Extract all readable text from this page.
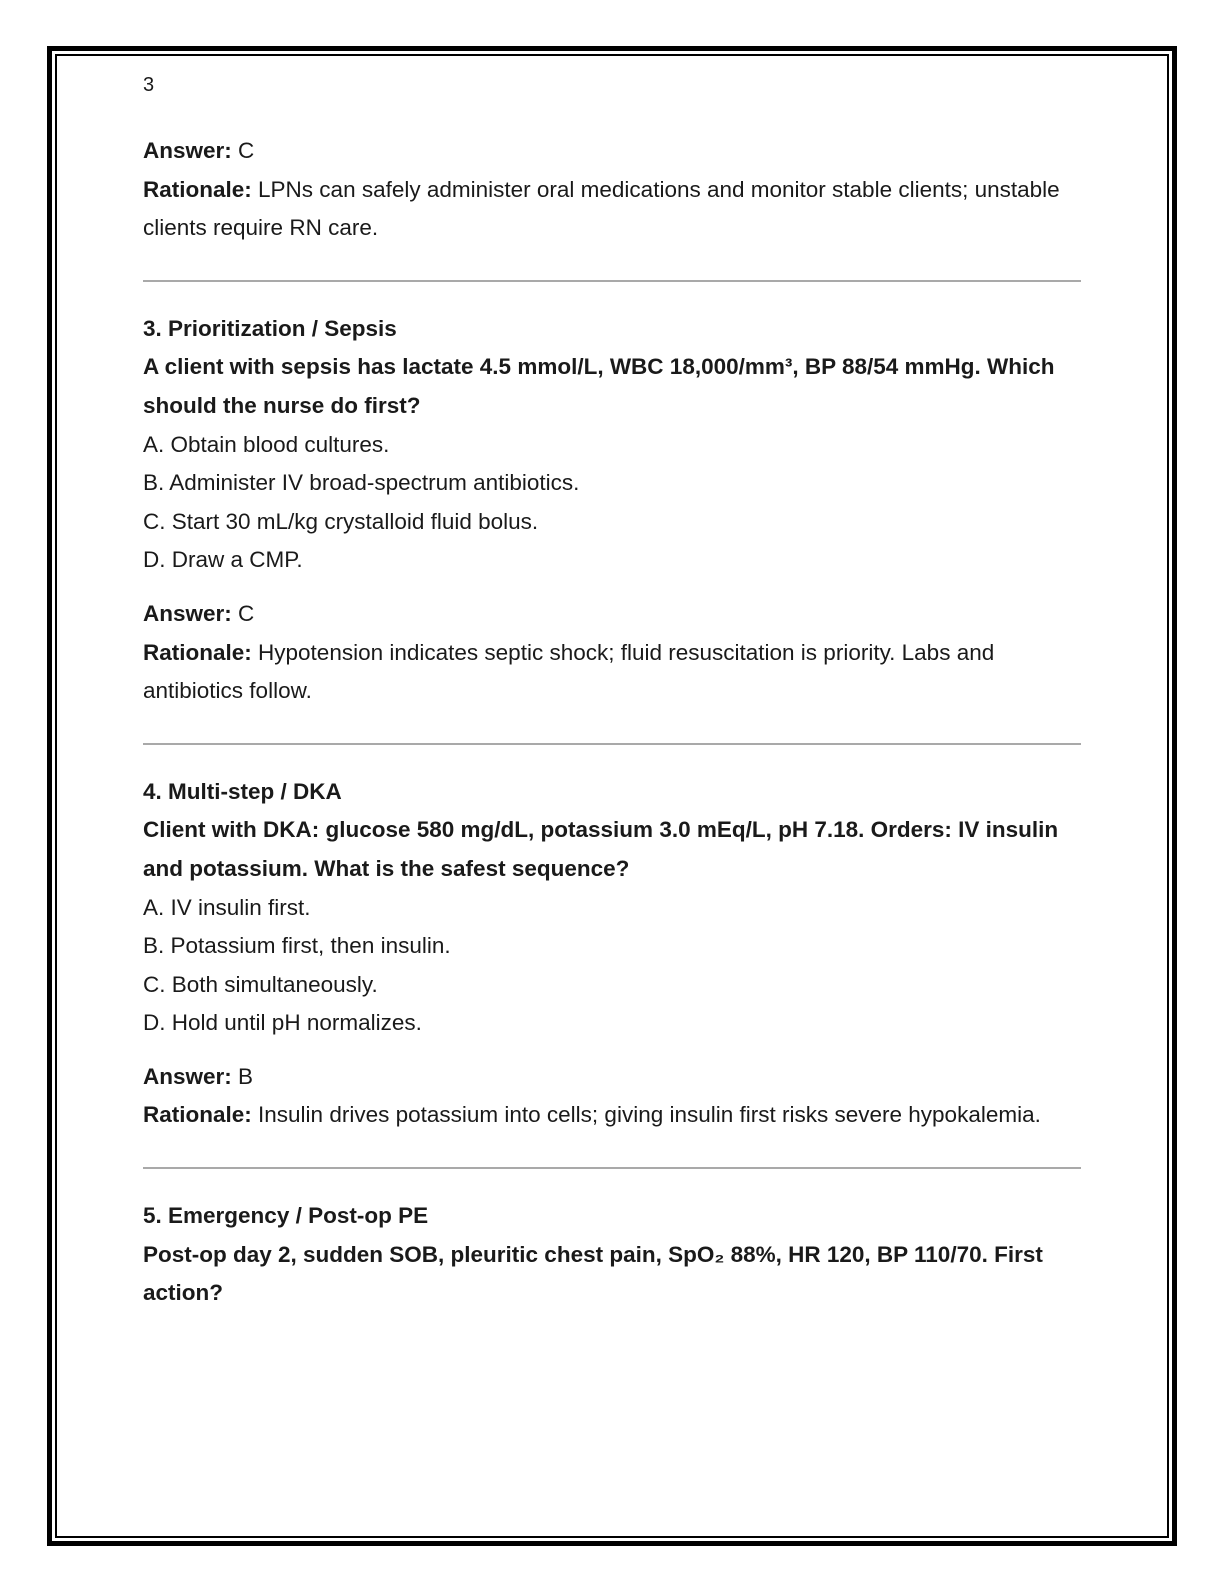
3

Answer: C

Rationale: LPNs can safely administer oral medications and monitor stable clients; unstable clients require RN care.

3. Prioritization / Sepsis

A client with sepsis has lactate 4.5 mmol/L, WBC 18,000/mm³, BP 88/54 mmHg. Which should the nurse do first?

A. Obtain blood cultures.

B. Administer IV broad-spectrum antibiotics.

C. Start 30 mL/kg crystalloid fluid bolus.

D. Draw a CMP.

Answer: C

Rationale: Hypotension indicates septic shock; fluid resuscitation is priority. Labs and antibiotics follow.

4. Multi-step / DKA

Client with DKA: glucose 580 mg/dL, potassium 3.0 mEq/L, pH 7.18. Orders: IV insulin and potassium. What is the safest sequence?

A. IV insulin first.

B. Potassium first, then insulin.

C. Both simultaneously.

D. Hold until pH normalizes.

Answer: B

Rationale: Insulin drives potassium into cells; giving insulin first risks severe hypokalemia.

5. Emergency / Post-op PE

Post-op day 2, sudden SOB, pleuritic chest pain, SpO₂ 88%, HR 120, BP 110/70. First action?
